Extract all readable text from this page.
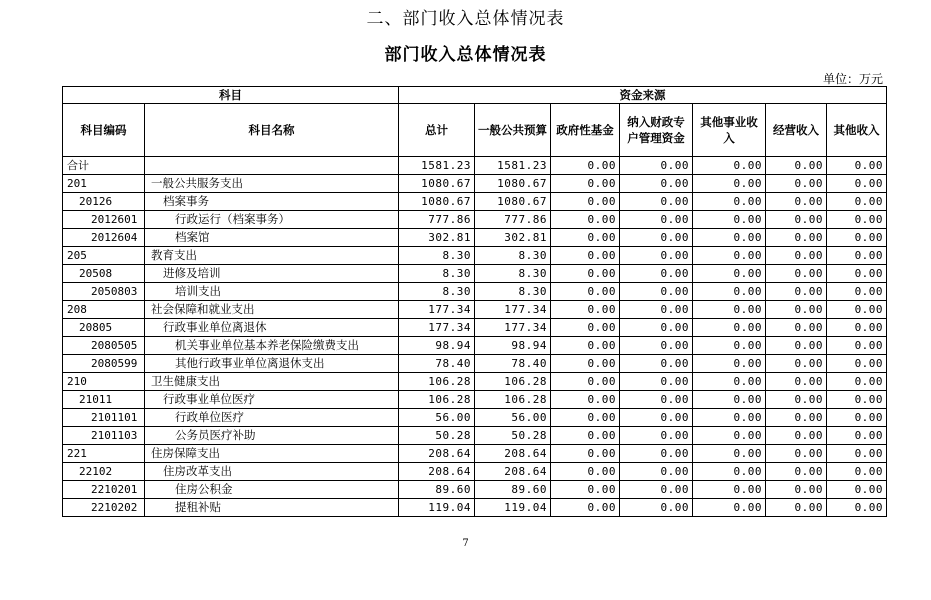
二、部门收入总体情况表
部门收入总体情况表
单位：万元
科目		资金来源						
科目编码	科目名称	总计	一般公共预算	政府性基金	纳入财政专户管理资金	其他事业收入	经营收入	其他收入
合计		1581.23	1581.23	0.00	0.00	0.00	0.00	0.00
201	一般公共服务支出	1080.67	1080.67	0.00	0.00	0.00	0.00	0.00
20126	档案事务	1080.67	1080.67	0.00	0.00	0.00	0.00	0.00
2012601	行政运行（档案事务）	777.86	777.86	0.00	0.00	0.00	0.00	0.00
2012604	档案馆	302.81	302.81	0.00	0.00	0.00	0.00	0.00
205	教育支出	8.30	8.30	0.00	0.00	0.00	0.00	0.00
20508	进修及培训	8.30	8.30	0.00	0.00	0.00	0.00	0.00
2050803	培训支出	8.30	8.30	0.00	0.00	0.00	0.00	0.00
208	社会保障和就业支出	177.34	177.34	0.00	0.00	0.00	0.00	0.00
20805	行政事业单位离退休	177.34	177.34	0.00	0.00	0.00	0.00	0.00
2080505	机关事业单位基本养老保险缴费支出	98.94	98.94	0.00	0.00	0.00	0.00	0.00
2080599	其他行政事业单位离退休支出	78.40	78.40	0.00	0.00	0.00	0.00	0.00
210	卫生健康支出	106.28	106.28	0.00	0.00	0.00	0.00	0.00
21011	行政事业单位医疗	106.28	106.28	0.00	0.00	0.00	0.00	0.00
2101101	行政单位医疗	56.00	56.00	0.00	0.00	0.00	0.00	0.00
2101103	公务员医疗补助	50.28	50.28	0.00	0.00	0.00	0.00	0.00
221	住房保障支出	208.64	208.64	0.00	0.00	0.00	0.00	0.00
22102	住房改革支出	208.64	208.64	0.00	0.00	0.00	0.00	0.00
2210201	住房公积金	89.60	89.60	0.00	0.00	0.00	0.00	0.00
2210202	提租补贴	119.04	119.04	0.00	0.00	0.00	0.00	0.00
7
